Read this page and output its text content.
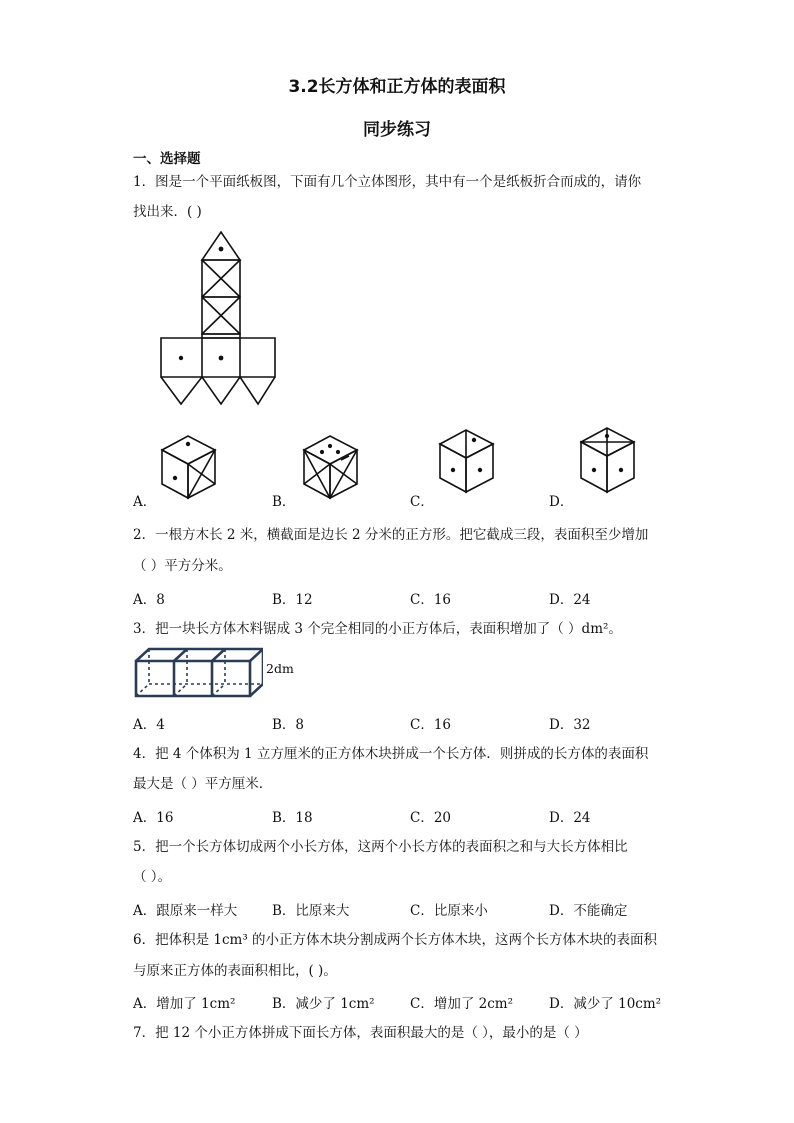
3.2长方体和正方体的表面积
同步练习
一、选择题
1．图是一个平面纸板图，下面有几个立体图形，其中有一个是纸板折合而成的，请你
找出来．( )
A．	B．	C．	D．
2．一根方木长 2 米，横截面是边长 2 分米的正方形。把它截成三段，表面积至少增加
（ ）平方分米。
A．8	B．12	C．16	D．24
3．把一块长方体木料锯成 3 个完全相同的小正方体后，表面积增加了（ ）dm²。
2dm
A．4	B．8	C．16	D．32
4．把 4 个体积为 1 立方厘米的正方体木块拼成一个长方体．则拼成的长方体的表面积
最大是（ ）平方厘米．
A．16	B．18	C．20	D．24
5．把一个长方体切成两个小长方体，这两个小长方体的表面积之和与大长方体相比
（ ）。
A．跟原来一样大	B．比原来大	C．比原来小	D．不能确定
6．把体积是 1cm³ 的小正方体木块分割成两个长方体木块，这两个长方体木块的表面积
与原来正方体的表面积相比，( )。
A．增加了 1cm²	B．减少了 1cm²	C．增加了 2cm²	D．减少了 10cm²
7．把 12 个小正方体拼成下面长方体，表面积最大的是（ ），最小的是（ ）
